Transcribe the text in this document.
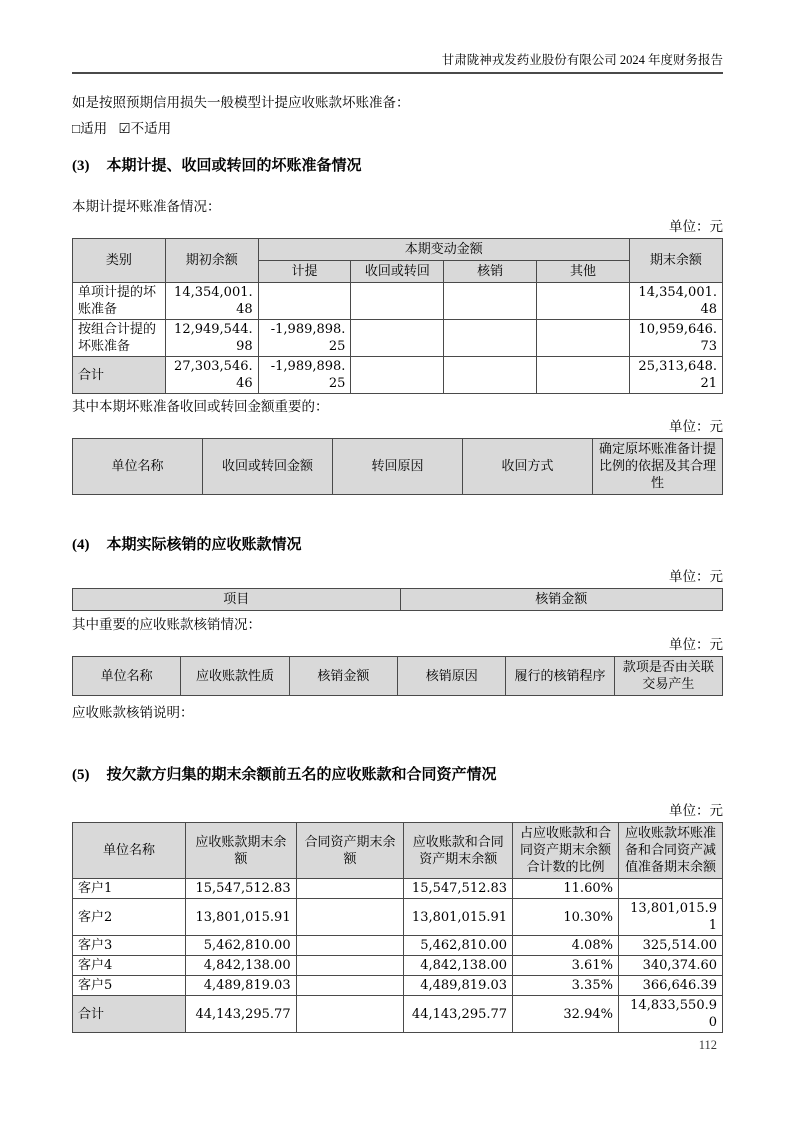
甘肃陇神戎发药业股份有限公司 2024 年度财务报告

如是按照预期信用损失一般模型计提应收账款坏账准备：

□适用 ☑不适用

(3) 本期计提、收回或转回的坏账准备情况

本期计提坏账准备情况：

单位：元

类别	期初余额	本期变动金额				期末余额
		计提	收回或转回	核销	其他	
单项计提的坏账准备	14,354,001.48					14,354,001.48
按组合计提的坏账准备	12,949,544.98	-1,989,898.25				10,959,646.73
合计	27,303,546.46	-1,989,898.25				25,313,648.21

其中本期坏账准备收回或转回金额重要的：

单位：元

单位名称	收回或转回金额	转回原因	收回方式	确定原坏账准备计提比例的依据及其合理性
(4) 本期实际核销的应收账款情况

单位：元

项目	核销金额

其中重要的应收账款核销情况：

单位：元

单位名称	应收账款性质	核销金额	核销原因	履行的核销程序	款项是否由关联交易产生

应收账款核销说明：

(5) 按欠款方归集的期末余额前五名的应收账款和合同资产情况

单位：元

单位名称	应收账款期末余额	合同资产期末余额	应收账款和合同资产期末余额	占应收账款和合同资产期末余额合计数的比例	应收账款坏账准备和合同资产减值准备期末余额
客户1	15,547,512.83		15,547,512.83	11.60%	
客户2	13,801,015.91		13,801,015.91	10.30%	13,801,015.91
客户3	5,462,810.00		5,462,810.00	4.08%	325,514.00
客户4	4,842,138.00		4,842,138.00	3.61%	340,374.60
客户5	4,489,819.03		4,489,819.03	3.35%	366,646.39
合计	44,143,295.77		44,143,295.77	32.94%	14,833,550.90
112
